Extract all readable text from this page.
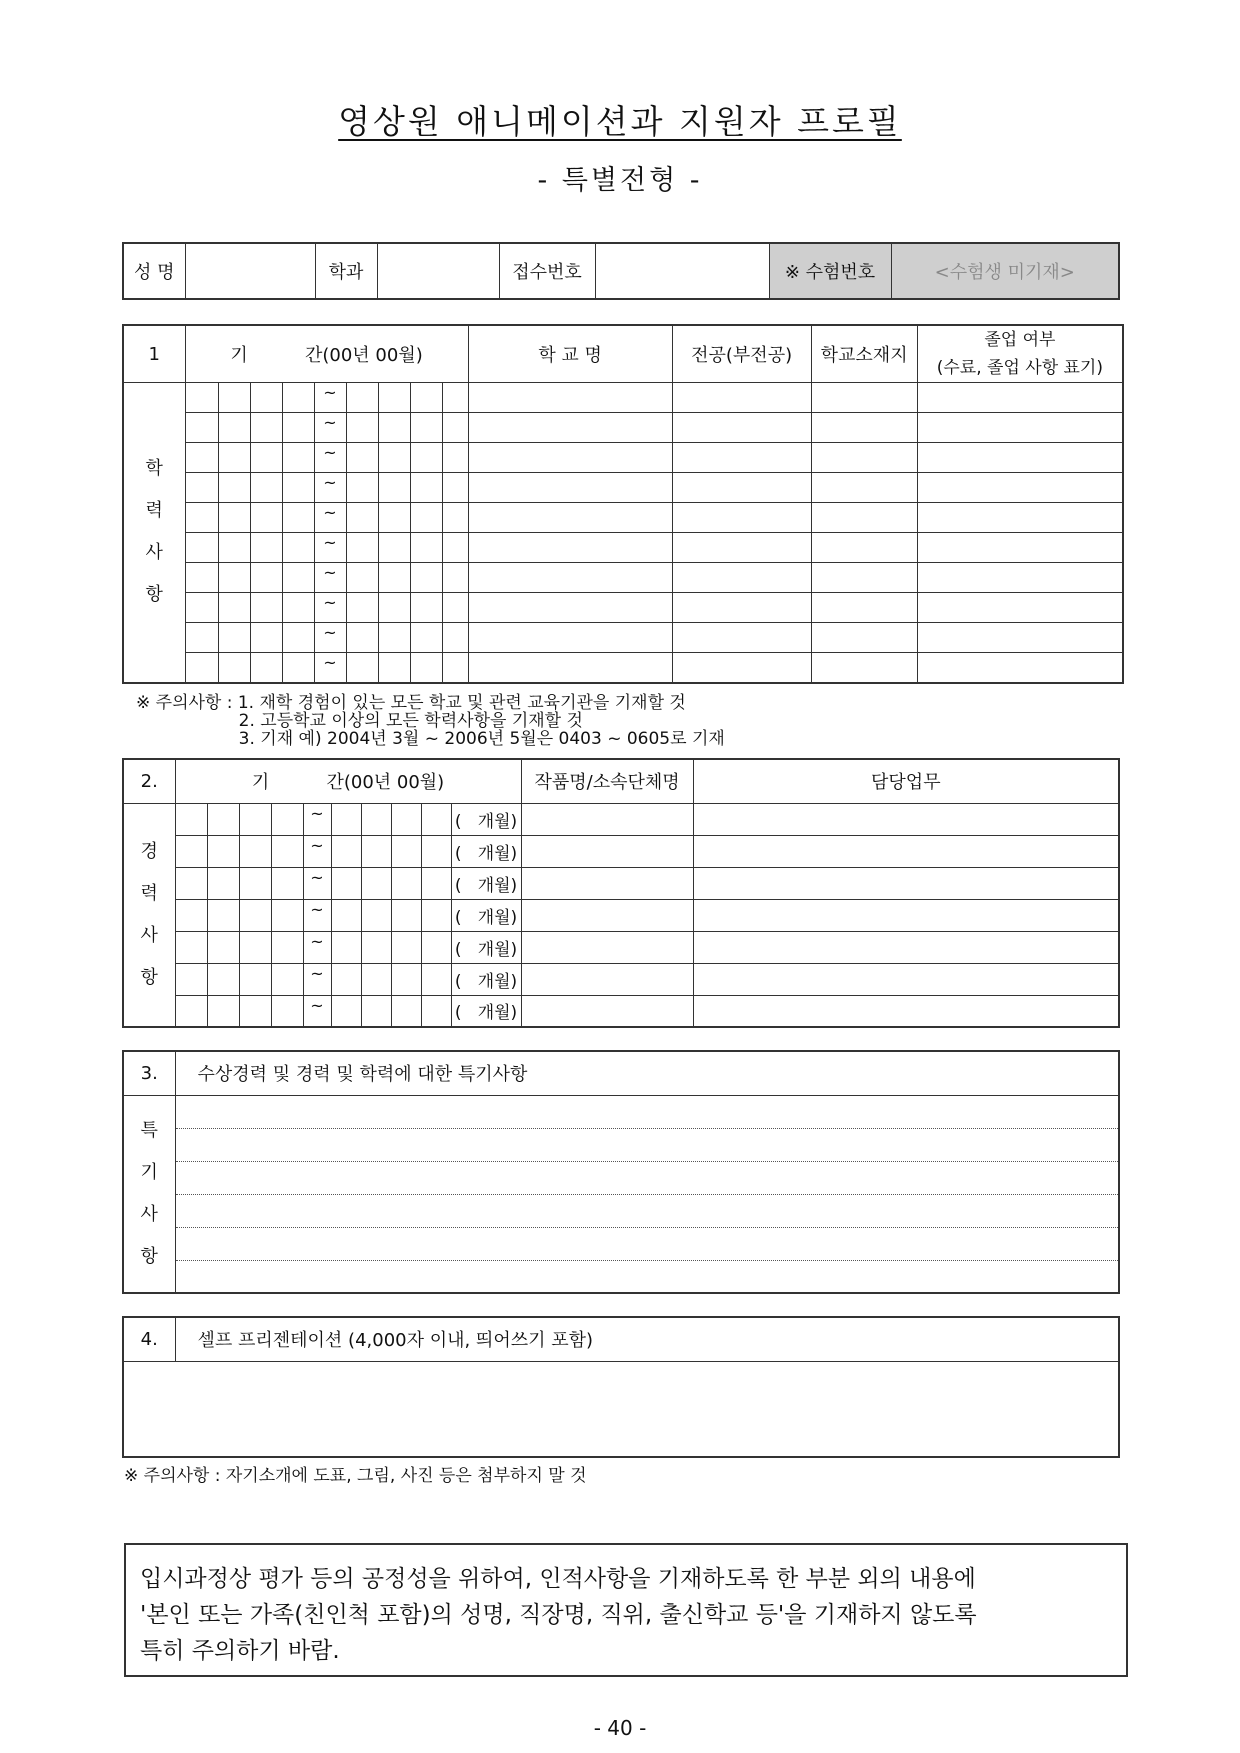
영상원 애니메이션과 지원자 프로필
- 특별전형 -
성 명		학과		접수번호		※ 수험번호	<수험생 미기재>
1	기          간(00년 00월)									학 교 명	전공(부전공)	학교소재지	졸업 여부
(수료, 졸업 사항 표기)

학
력
사
항					~								
					~								
					~								
					~								
					~								
					~								
					~								
					~								
					~								
					~								
※ 주의사항 : 1. 재학 경험이 있는 모든 학교 및 관련 교육기관을 기재할 것
2. 고등학교 이상의 모든 학력사항을 기재할 것
3. 기재 예) 2004년 3월 ~ 2006년 5월은 0403 ~ 0605로 기재
2.	기          간(00년 00월)										작품명/소속단체명	담당업무

경
력
사
항					~					(   개월)		
					~					(   개월)		
					~					(   개월)		
					~					(   개월)		
					~					(   개월)		
					~					(   개월)		
					~					(   개월)		
3.	수상경력 및 경력 및 학력에 대한 특기사항

특
기
사
항	

4.	셀프 프리젠테이션 (4,000자 이내, 띄어쓰기 포함)

※ 주의사항 : 자기소개에 도표, 그림, 사진 등은 첨부하지 말 것
입시과정상 평가 등의 공정성을 위하여, 인적사항을 기재하도록 한 부분 외의 내용에
'본인 또는 가족(친인척 포함)의 성명, 직장명, 직위, 출신학교 등'을 기재하지 않도록
특히 주의하기 바람.
- 40 -
